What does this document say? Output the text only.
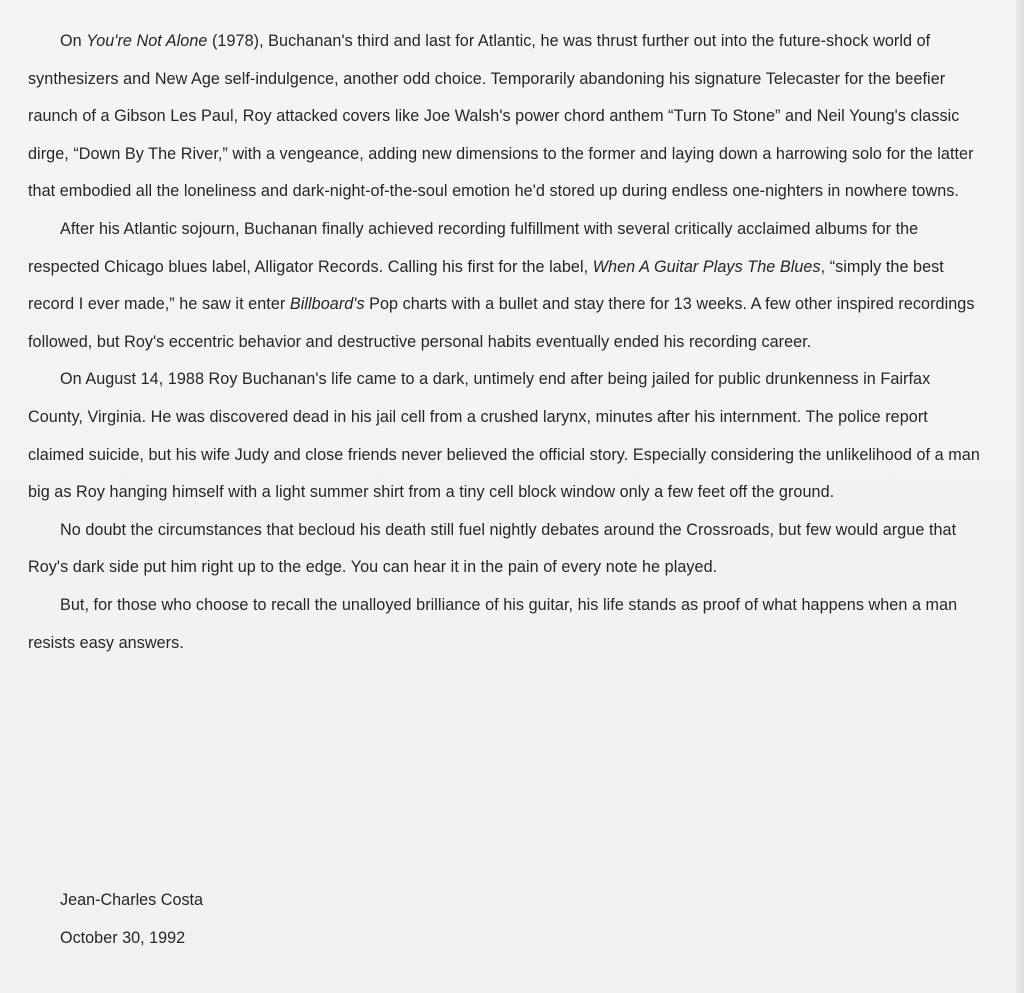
On You're Not Alone (1978), Buchanan's third and last for Atlantic, he was thrust further out into the future-shock world of synthesizers and New Age self-indulgence, another odd choice. Temporarily abandoning his signature Telecaster for the beefier raunch of a Gibson Les Paul, Roy attacked covers like Joe Walsh's power chord anthem “Turn To Stone” and Neil Young's classic dirge, “Down By The River,” with a vengeance, adding new dimensions to the former and laying down a harrowing solo for the latter that embodied all the loneliness and dark-night-of-the-soul emotion he'd stored up during endless one-nighters in nowhere towns.

After his Atlantic sojourn, Buchanan finally achieved recording fulfillment with several critically acclaimed albums for the respected Chicago blues label, Alligator Records. Calling his first for the label, When A Guitar Plays The Blues, “simply the best record I ever made,” he saw it enter Billboard's Pop charts with a bullet and stay there for 13 weeks. A few other inspired recordings followed, but Roy's eccentric behavior and destructive personal habits eventually ended his recording career.

On August 14, 1988 Roy Buchanan's life came to a dark, untimely end after being jailed for public drunkenness in Fairfax County, Virginia. He was discovered dead in his jail cell from a crushed larynx, minutes after his internment. The police report claimed suicide, but his wife Judy and close friends never believed the official story. Especially considering the unlikelihood of a man big as Roy hanging himself with a light summer shirt from a tiny cell block window only a few feet off the ground.

No doubt the circumstances that becloud his death still fuel nightly debates around the Crossroads, but few would argue that Roy's dark side put him right up to the edge. You can hear it in the pain of every note he played.

But, for those who choose to recall the unalloyed brilliance of his guitar, his life stands as proof of what happens when a man resists easy answers.

Jean-Charles Costa
October 30, 1992
